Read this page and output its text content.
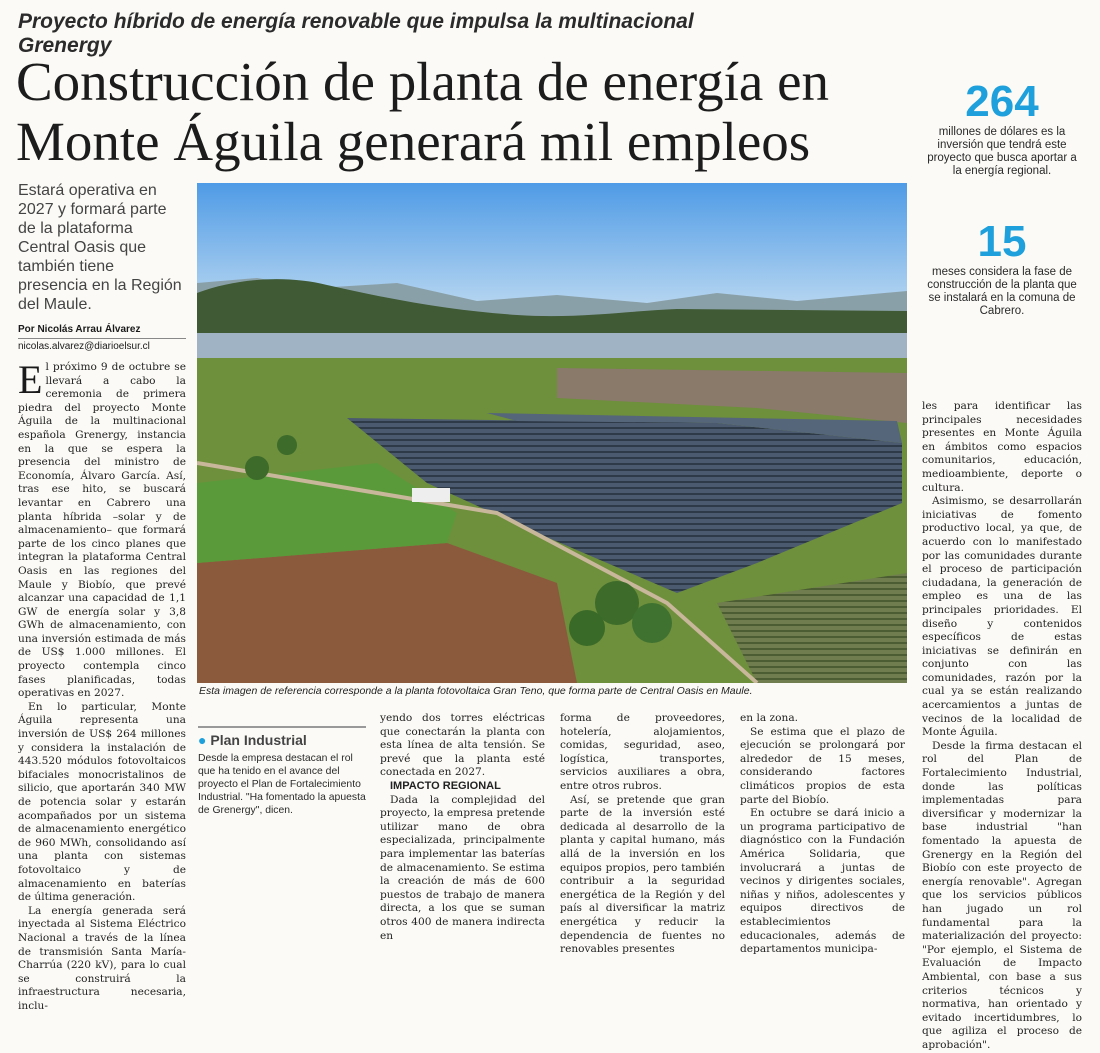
Proyecto híbrido de energía renovable que impulsa la multinacional Grenergy
Construcción de planta de energía en
Monte Águila generará mil empleos
264
millones de dólares es la inversión que tendrá este proyecto que busca aportar a la energía regional.
15
meses considera la fase de construcción de la planta que se instalará en la comuna de Cabrero.
Estará operativa en 2027 y formará parte de la plataforma Central Oasis que también tiene presencia en la Región del Maule.
Por Nicolás Arrau Álvarez
nicolas.alvarez@diarioelsur.cl
Esta imagen de referencia corresponde a la planta fotovoltaica Gran Teno, que forma parte de Central Oasis en Maule.
E l próximo 9 de octubre se llevará a cabo la ceremonia de primera piedra del proyecto Monte Águila de la multinacional española Grenergy, instancia en la que se espera la presencia del ministro de Economía, Álvaro García. Así, tras ese hito, se buscará levantar en Cabrero una planta híbrida –solar y de almacenamiento– que formará parte de los cinco planes que integran la plataforma Central Oasis en las regiones del Maule y Biobío, que prevé alcanzar una capacidad de 1,1 GW de energía solar y 3,8 GWh de almacenamiento, con una inversión estimada de más de US$ 1.000 millones. El proyecto contempla cinco fases planificadas, todas operativas en 2027.

En lo particular, Monte Águila representa una inversión de US$ 264 millones y considera la instalación de 443.520 módulos fotovoltaicos bifaciales monocristalinos de silicio, que aportarán 340 MW de potencia solar y estarán acompañados por un sistema de almacenamiento energético de 960 MWh, consolidando así una planta con sistemas fotovoltaico y de almacenamiento en baterías de última generación.

La energía generada será inyectada al Sistema Eléctrico Nacional a través de la línea de transmisión Santa María-Charrúa (220 kV), para lo cual se construirá la infraestructura necesaria, inclu-

● Plan Industrial
Desde la empresa destacan el rol que ha tenido en el avance del proyecto el Plan de Fortalecimiento Industrial. "Ha fomentado la apuesta de Grenergy", dicen.

yendo dos torres eléctricas que conectarán la planta con esta línea de alta tensión. Se prevé que la planta esté conectada en 2027.

IMPACTO REGIONAL

Dada la complejidad del proyecto, la empresa pretende utilizar mano de obra especializada, principalmente para implementar las baterías de almacenamiento. Se estima la creación de más de 600 puestos de trabajo de manera directa, a los que se suman otros 400 de manera indirecta en

forma de proveedores, hotelería, alojamientos, comidas, seguridad, aseo, logística, transportes, servicios auxiliares a obra, entre otros rubros.

Así, se pretende que gran parte de la inversión esté dedicada al desarrollo de la planta y capital humano, más allá de la inversión en los equipos propios, pero también contribuir a la seguridad energética de la Región y del país al diversificar la matriz energética y reducir la dependencia de fuentes no renovables presentes

en la zona.

Se estima que el plazo de ejecución se prolongará por alrededor de 15 meses, considerando factores climáticos propios de esta parte del Biobío.

En octubre se dará inicio a un programa participativo de diagnóstico con la Fundación América Solidaria, que involucrará a juntas de vecinos y dirigentes sociales, niñas y niños, adolescentes y equipos directivos de establecimientos educacionales, además de departamentos municipa-

les para identificar las principales necesidades presentes en Monte Águila en ámbitos como espacios comunitarios, educación, medioambiente, deporte o cultura.

Asimismo, se desarrollarán iniciativas de fomento productivo local, ya que, de acuerdo con lo manifestado por las comunidades durante el proceso de participación ciudadana, la generación de empleo es una de las principales prioridades. El diseño y contenidos específicos de estas iniciativas se definirán en conjunto con las comunidades, razón por la cual ya se están realizando acercamientos a juntas de vecinos de la localidad de Monte Águila.

Desde la firma destacan el rol del Plan de Fortalecimiento Industrial, donde las políticas implementadas para diversificar y modernizar la base industrial "han fomentado la apuesta de Grenergy en la Región del Biobío con este proyecto de energía renovable". Agregan que los servicios públicos han jugado un rol fundamental para la materialización del proyecto: "Por ejemplo, el Sistema de Evaluación de Impacto Ambiental, con base a sus criterios técnicos y normativa, han orientado y evitado incertidumbres, lo que agiliza el proceso de aprobación".
